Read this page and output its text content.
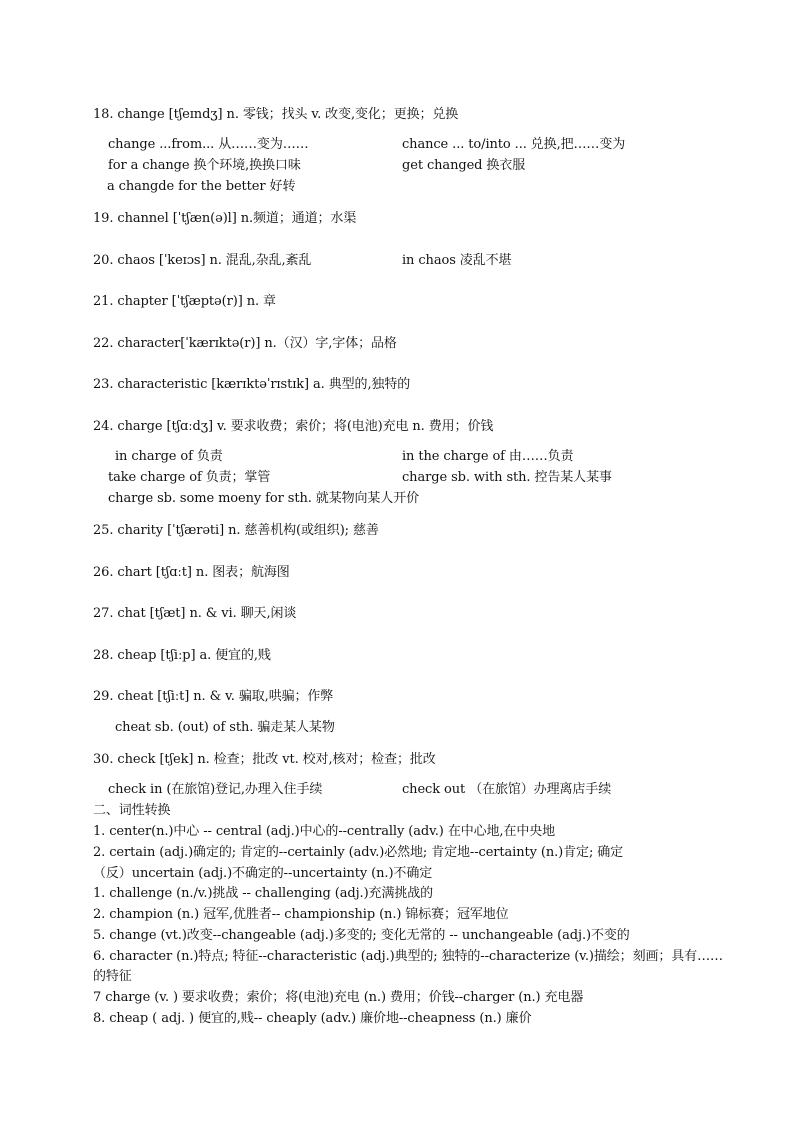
18. change [tʃeɪndʒ] n. 零钱；找头 v. 改变,变化；更换；兑换
change ...from... 从……变为……	chance ... to/into ... 兑换,把……变为
for a change 换个环境,换换口味	get changed 换衣服
a changde for the better 好转
19. channel [ˈtʃæn(ə)l] n.频道；通道；水渠
20. chaos [ˈkeɪɔs] n. 混乱,杂乱,紊乱	in chaos 凌乱不堪
21. chapter [ˈtʃæptə(r)] n. 章
22. character[ˈkærɪktə(r)] n.（汉）字,字体；品格
23. characteristic [kærɪktəˈrɪstɪk] a. 典型的,独特的
24. charge [tʃɑːdʒ] v. 要求收费；索价；将(电池)充电 n. 费用；价钱
in charge of 负责	in the charge of 由……负责
take charge of 负责；掌管	charge sb. with sth. 控告某人某事
charge sb. some moeny for sth. 就某物向某人开价
25. charity [ˈtʃærəti] n. 慈善机构(或组织); 慈善
26. chart [tʃɑːt] n. 图表；航海图
27. chat [tʃæt] n. & vi. 聊天,闲谈
28. cheap [tʃiːp] a. 便宜的,贱
29. cheat [tʃiːt] n. & v. 骗取,哄骗；作弊
cheat sb. (out) of sth. 骗走某人某物
30. check [tʃek] n. 检查；批改 vt. 校对,核对；检查；批改
check in (在旅馆)登记,办理入住手续	check out （在旅馆）办理离店手续
二、词性转换
1. center(n.)中心 -- central (adj.)中心的--centrally (adv.) 在中心地,在中央地
2. certain (adj.)确定的; 肯定的--certainly (adv.)必然地; 肯定地--certainty (n.)肯定; 确定
（反）uncertain (adj.)不确定的--uncertainty (n.)不确定
1. challenge (n./v.)挑战 -- challenging (adj.)充满挑战的
2. champion (n.) 冠军,优胜者-- championship (n.) 锦标赛；冠军地位
5. change (vt.)改变--changeable (adj.)多变的; 变化无常的 -- unchangeable (adj.)不变的
6. character (n.)特点; 特征--characteristic (adj.)典型的; 独特的--characterize (v.)描绘；刻画；具有……
的特征
7 charge (v. ) 要求收费；索价；将(电池)充电 (n.) 费用；价钱--charger (n.) 充电器
8. cheap ( adj. ) 便宜的,贱-- cheaply (adv.) 廉价地--cheapness (n.) 廉价
